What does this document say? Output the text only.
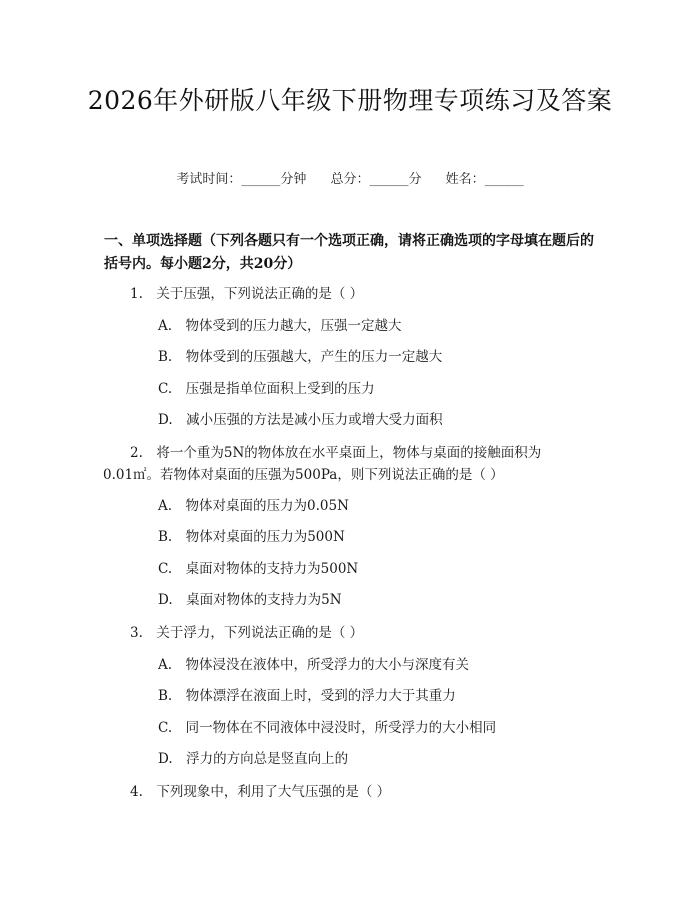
2026年外研版八年级下册物理专项练习及答案
考试时间：______分钟 总分：______分 姓名：______
一、单项选择题（下列各题只有一个选项正确，请将正确选项的字母填在题后的括号内。每小题2分，共20分）
1.　关于压强，下列说法正确的是（ ）
A.　物体受到的压力越大，压强一定越大
B.　物体受到的压强越大，产生的压力一定越大
C.　压强是指单位面积上受到的压力
D.　减小压强的方法是减小压力或增大受力面积
2.　将一个重为5N的物体放在水平桌面上，物体与桌面的接触面积为
0.01㎡。若物体对桌面的压强为500Pa，则下列说法正确的是（ ）
A.　物体对桌面的压力为0.05N
B.　物体对桌面的压力为500N
C.　桌面对物体的支持力为500N
D.　桌面对物体的支持力为5N
3.　关于浮力，下列说法正确的是（ ）
A.　物体浸没在液体中，所受浮力的大小与深度有关
B.　物体漂浮在液面上时，受到的浮力大于其重力
C.　同一物体在不同液体中浸没时，所受浮力的大小相同
D.　浮力的方向总是竖直向上的
4.　下列现象中，利用了大气压强的是（ ）
